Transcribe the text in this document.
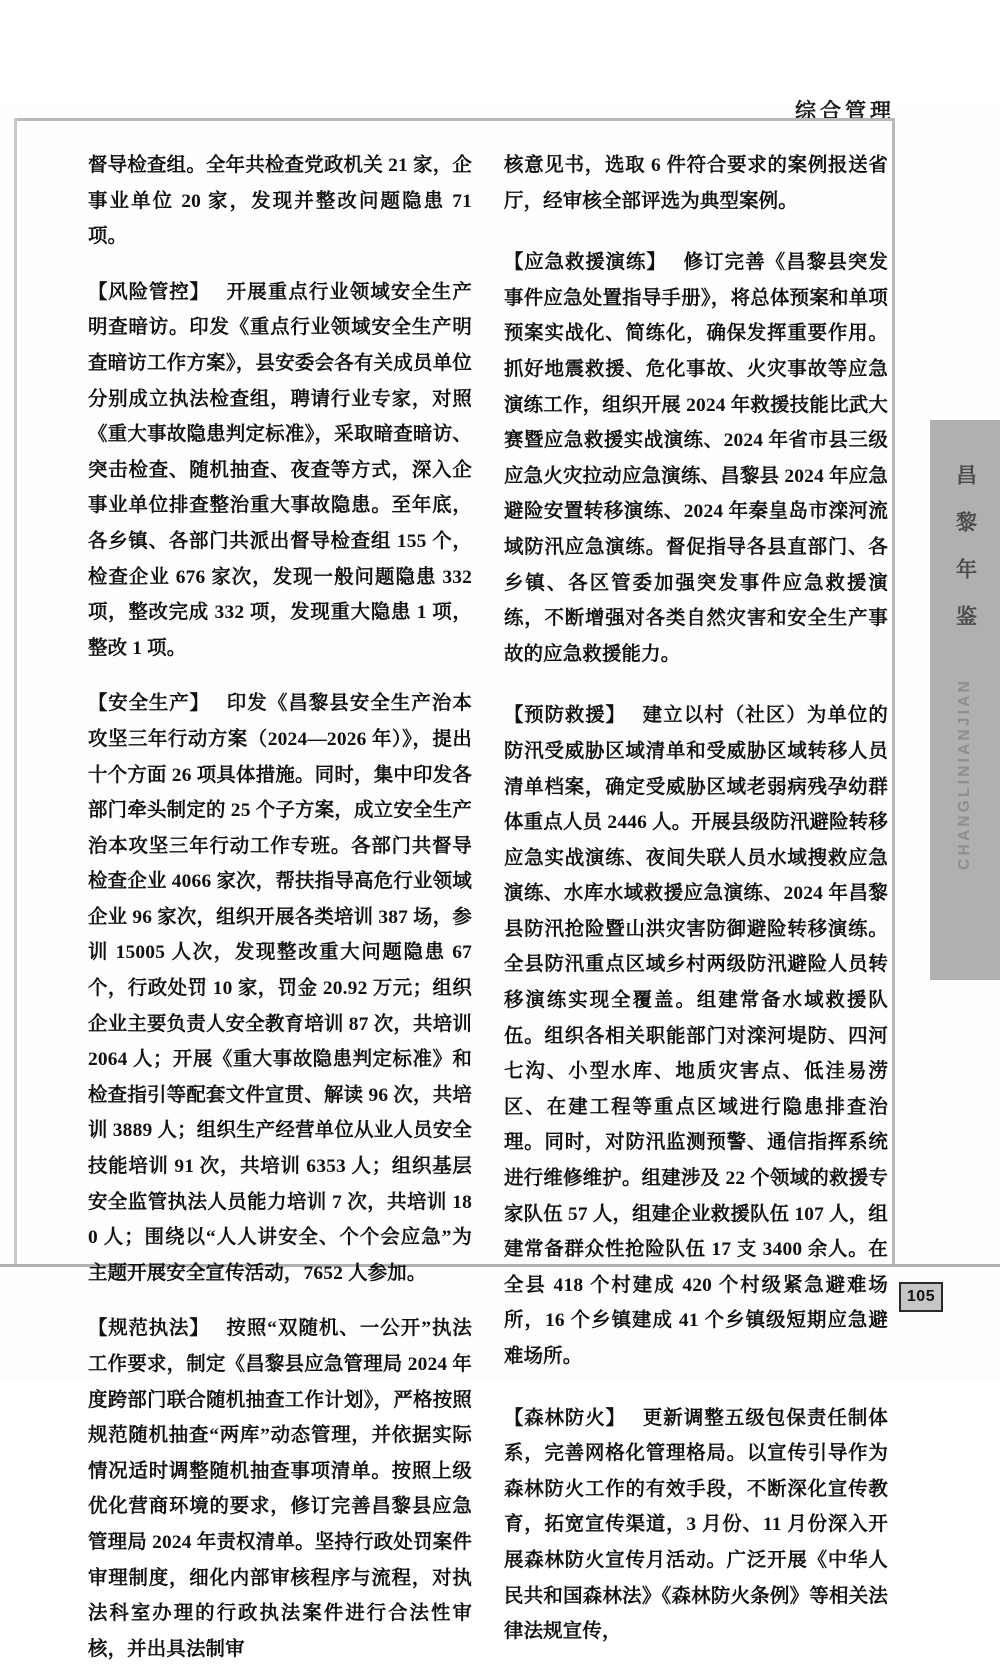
综合管理

督导检查组。全年共检查党政机关 21 家，企事业单位 20 家，发现并整改问题隐患 71 项。

【风险管控】 开展重点行业领域安全生产明查暗访。印发《重点行业领域安全生产明查暗访工作方案》，县安委会各有关成员单位分别成立执法检查组，聘请行业专家，对照《重大事故隐患判定标准》，采取暗查暗访、突击检查、随机抽查、夜查等方式，深入企事业单位排查整治重大事故隐患。至年底，各乡镇、各部门共派出督导检查组 155 个，检查企业 676 家次，发现一般问题隐患 332 项，整改完成 332 项，发现重大隐患 1 项，整改 1 项。

【安全生产】 印发《昌黎县安全生产治本攻坚三年行动方案（2024—2026 年）》，提出十个方面 26 项具体措施。同时，集中印发各部门牵头制定的 25 个子方案，成立安全生产治本攻坚三年行动工作专班。各部门共督导检查企业 4066 家次，帮扶指导高危行业领域企业 96 家次，组织开展各类培训 387 场，参训 15005 人次，发现整改重大问题隐患 67 个，行政处罚 10 家，罚金 20.92 万元；组织企业主要负责人安全教育培训 87 次，共培训 2064 人；开展《重大事故隐患判定标准》和检查指引等配套文件宣贯、解读 96 次，共培训 3889 人；组织生产经营单位从业人员安全技能培训 91 次，共培训 6353 人；组织基层安全监管执法人员能力培训 7 次，共培训 180 人；围绕以“人人讲安全、个个会应急”为主题开展安全宣传活动，7652 人参加。

【规范执法】 按照“双随机、一公开”执法工作要求，制定《昌黎县应急管理局 2024 年度跨部门联合随机抽查工作计划》，严格按照规范随机抽查“两库”动态管理，并依据实际情况适时调整随机抽查事项清单。按照上级优化营商环境的要求，修订完善昌黎县应急管理局 2024 年责权清单。坚持行政处罚案件审理制度，细化内部审核程序与流程，对执法科室办理的行政执法案件进行合法性审核，并出具法制审

核意见书，选取 6 件符合要求的案例报送省厅，经审核全部评选为典型案例。

【应急救援演练】 修订完善《昌黎县突发事件应急处置指导手册》，将总体预案和单项预案实战化、简练化，确保发挥重要作用。抓好地震救援、危化事故、火灾事故等应急演练工作，组织开展 2024 年救援技能比武大赛暨应急救援实战演练、2024 年省市县三级应急火灾拉动应急演练、昌黎县 2024 年应急避险安置转移演练、2024 年秦皇岛市滦河流域防汛应急演练。督促指导各县直部门、各乡镇、各区管委加强突发事件应急救援演练，不断增强对各类自然灾害和安全生产事故的应急救援能力。

【预防救援】 建立以村（社区）为单位的防汛受威胁区域清单和受威胁区域转移人员清单档案，确定受威胁区域老弱病残孕幼群体重点人员 2446 人。开展县级防汛避险转移应急实战演练、夜间失联人员水域搜救应急演练、水库水域救援应急演练、2024 年昌黎县防汛抢险暨山洪灾害防御避险转移演练。全县防汛重点区域乡村两级防汛避险人员转移演练实现全覆盖。组建常备水域救援队伍。组织各相关职能部门对滦河堤防、四河七沟、小型水库、地质灾害点、低洼易涝区、在建工程等重点区域进行隐患排查治理。同时，对防汛监测预警、通信指挥系统进行维修维护。组建涉及 22 个领域的救援专家队伍 57 人，组建企业救援队伍 107 人，组建常备群众性抢险队伍 17 支 3400 余人。在全县 418 个村建成 420 个村级紧急避难场所，16 个乡镇建成 41 个乡镇级短期应急避难场所。

【森林防火】 更新调整五级包保责任制体系，完善网格化管理格局。以宣传引导作为森林防火工作的有效手段，不断深化宣传教育，拓宽宣传渠道，3 月份、11 月份深入开展森林防火宣传月活动。广泛开展《中华人民共和国森林法》《森林防火条例》等相关法律法规宣传，

昌黎年鉴
CHANGLINIANJIAN
105
